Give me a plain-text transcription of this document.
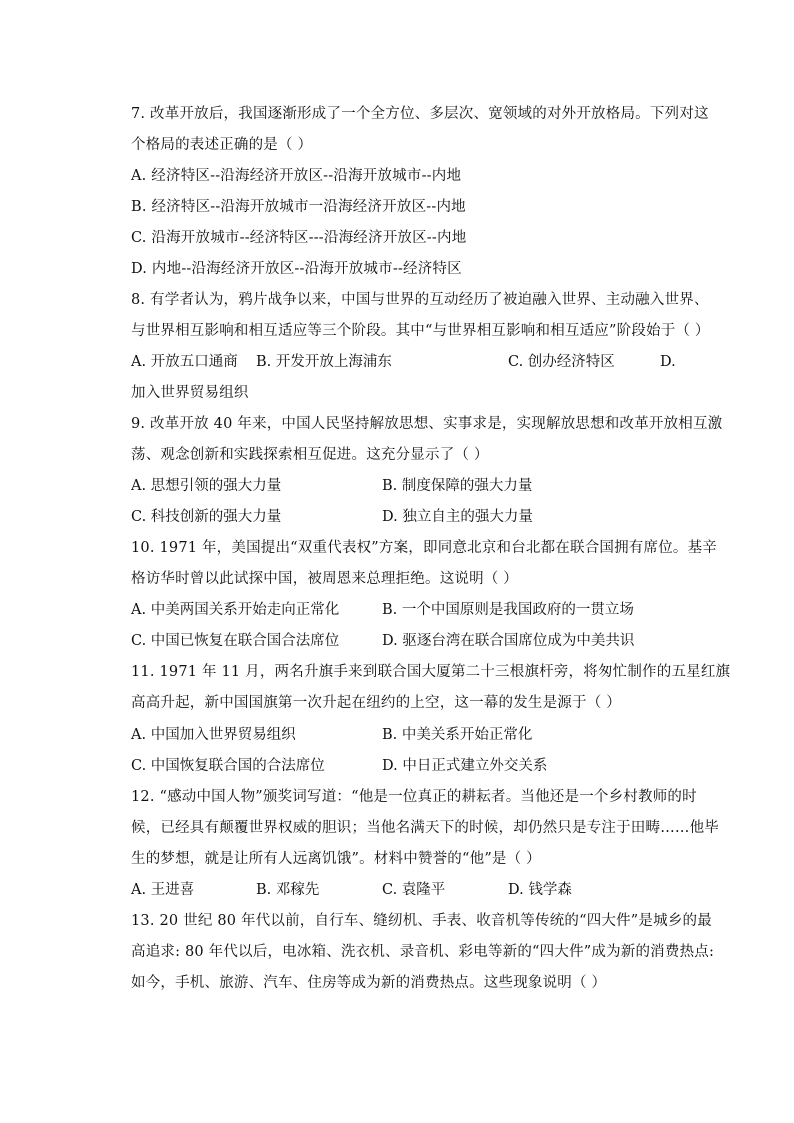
7. 改革开放后，我国逐渐形成了一个全方位、多层次、宽领域的对外开放格局。下列对这
个格局的表述正确的是（ ）
A. 经济特区--沿海经济开放区--沿海开放城市--内地
B. 经济特区--沿海开放城市一沿海经济开放区--内地
C. 沿海开放城市--经济特区---沿海经济开放区--内地
D. 内地--沿海经济开放区--沿海开放城市--经济特区
8. 有学者认为，鸦片战争以来，中国与世界的互动经历了被迫融入世界、主动融入世界、
与世界相互影响和相互适应等三个阶段。其中“与世界相互影响和相互适应”阶段始于（ ）
A. 开放五口通商 B. 开发开放上海浦东	C. 创办经济特区	D.
加入世界贸易组织
9. 改革开放 40 年来，中国人民坚持解放思想、实事求是，实现解放思想和改革开放相互激
荡、观念创新和实践探索相互促进。这充分显示了（ ）
A. 思想引领的强大力量	B. 制度保障的强大力量
C. 科技创新的强大力量	D. 独立自主的强大力量
10. 1971 年，美国提出“双重代表权”方案，即同意北京和台北都在联合国拥有席位。基辛
格访华时曾以此试探中国，被周恩来总理拒绝。这说明（ ）
A. 中美两国关系开始走向正常化	B. 一个中国原则是我国政府的一贯立场
C. 中国已恢复在联合国合法席位	D. 驱逐台湾在联合国席位成为中美共识
11. 1971 年 11 月，两名升旗手来到联合国大厦第二十三根旗杆旁，将匆忙制作的五星红旗
高高升起，新中国国旗第一次升起在纽约的上空，这一幕的发生是源于（ ）
A. 中国加入世界贸易组织	B. 中美关系开始正常化
C. 中国恢复联合国的合法席位	D. 中日正式建立外交关系
12. “感动中国人物”颁奖词写道：“他是一位真正的耕耘者。当他还是一个乡村教师的时
候，已经具有颠覆世界权威的胆识；当他名满天下的时候，却仍然只是专注于田畴……他毕
生的梦想，就是让所有人远离饥饿”。材料中赞誉的“他”是（ ）
A. 王进喜	B. 邓稼先	C. 袁隆平	D. 钱学森
13. 20 世纪 80 年代以前，自行车、缝纫机、手表、收音机等传统的“四大件”是城乡的最
高追求: 80 年代以后，电冰箱、洗衣机、录音机、彩电等新的“四大件”成为新的消费热点:
如今，手机、旅游、汽车、住房等成为新的消费热点。这些现象说明（ ）
